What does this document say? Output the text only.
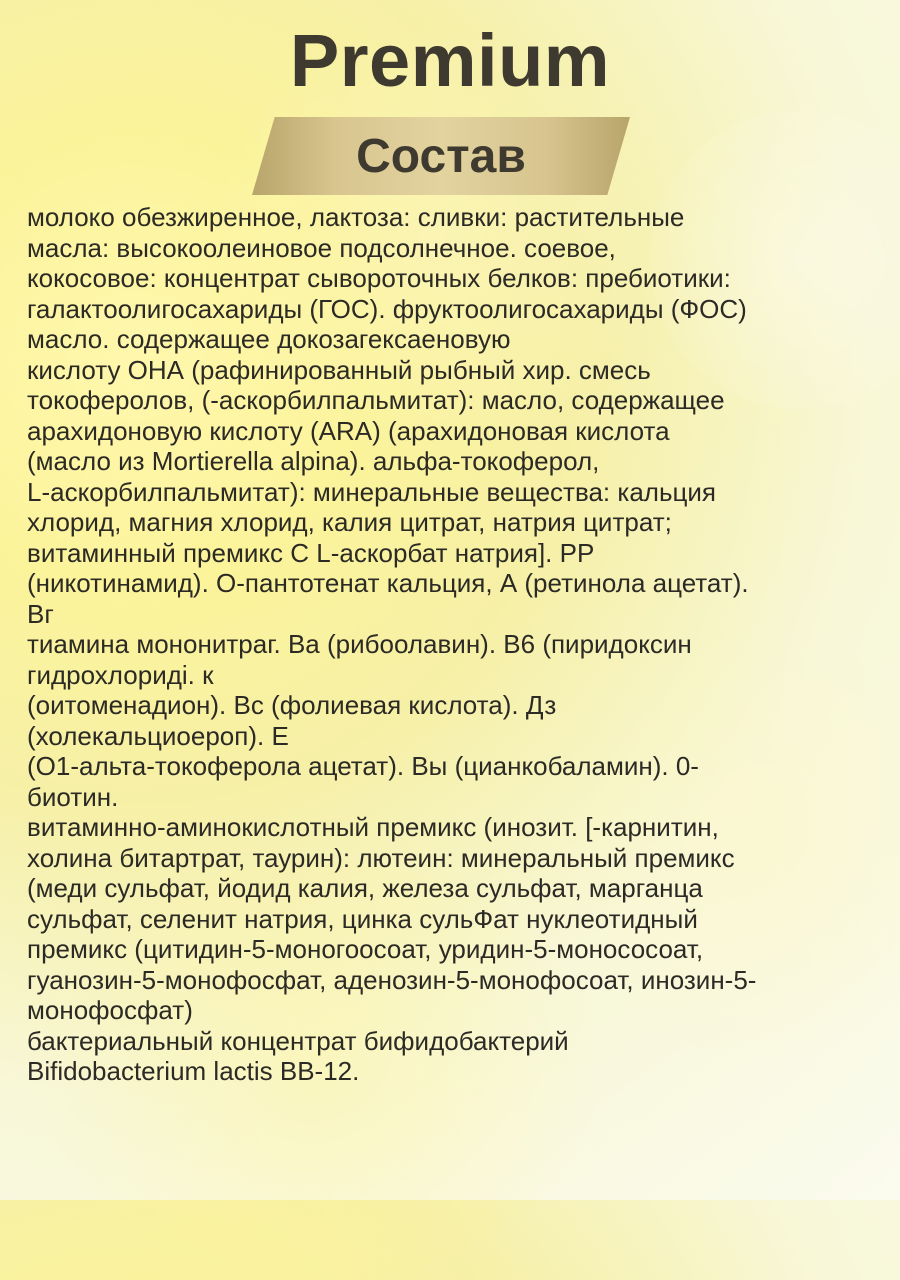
Premium
Состав
молоко обезжиренное, лактоза: сливки: растительные
масла: высокоолеиновое подсолнечное. соевое,
кокосовое: концентрат сывороточных белков: пребиотики:
галактоолигосахариды (ГОС). фруктоолигосахариды (ФОС)
масло. содержащее докозагексаеновую
кислоту ОНА (рафинированный рыбный хир. смесь
токоферолов, (-аскорбилпальмитат): масло, содержащее
арахидоновую кислоту (ARA) (арахидоновая кислота
(масло из Mortierella alpina). альфа-токоферол,
L-аскорбилпальмитат): минеральные вещества: кальция
хлорид, магния хлорид, калия цитрат, натрия цитрат;
витаминный премикс С L-аскорбат натрия]. РР
(никотинамид). О-пантотенат кальция, А (ретинола ацетат).
Вг
тиамина мононитраг. Ва (рибоолавин). В6 (пиридоксин
гидрохлориді. к
(оитоменадион). Вс (фолиевая кислота). Дз
(холекальциоероп). Е
(О1-альта-токоферола ацетат). Вы (цианкобаламин). 0-
биотин.
витаминно-аминокислотный премикс (инозит. [-карнитин,
холина битартрат, таурин): лютеин: минеральный премикс
(меди сульфат, йодид калия, железа сульфат, марганца
сульфат, селенит натрия, цинка сульФат нуклеотидный
премикс (цитидин-5-моногоосоат, уридин-5-монососоат,
гуанозин-5-монофосфат, аденозин-5-монофосоат, инозин-5-
монофосфат)
бактериальный концентрат бифидобактерий
Bifidobacterium lactis BB-12.
